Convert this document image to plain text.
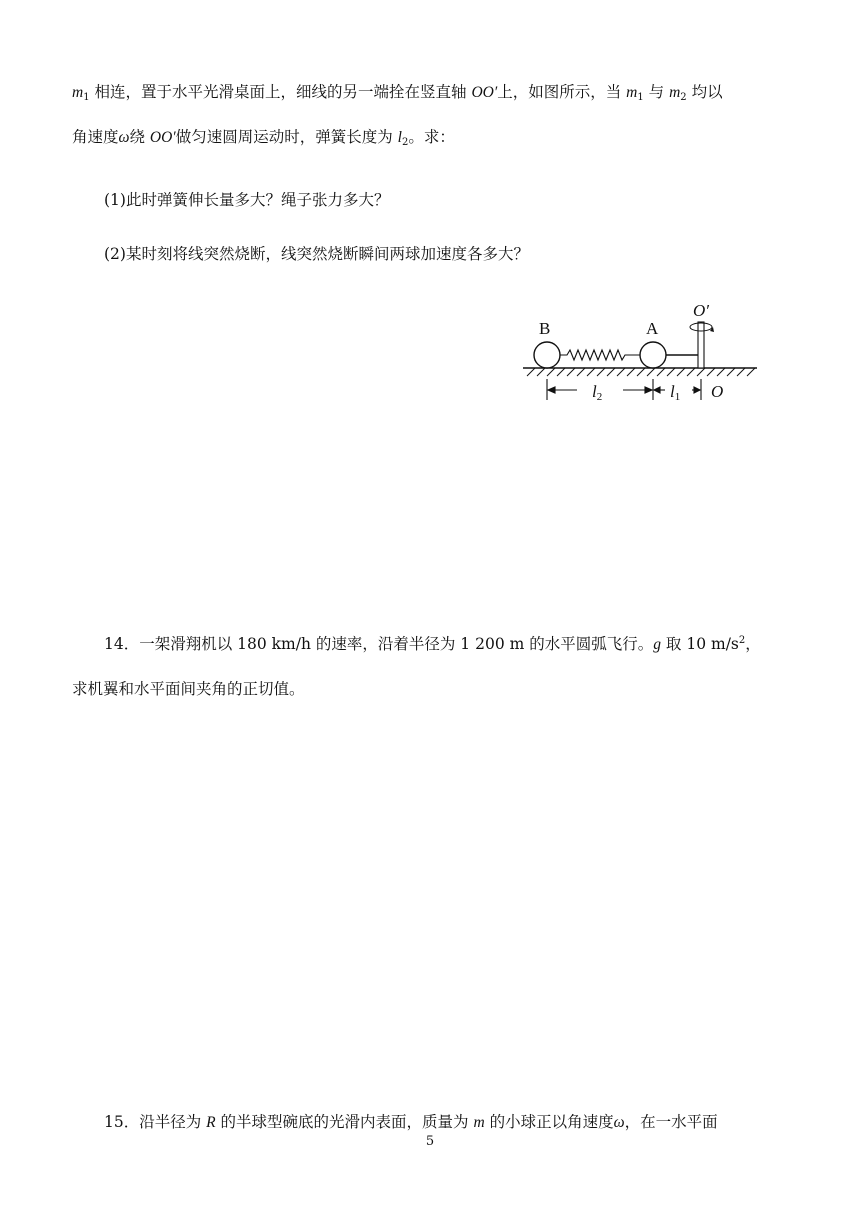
$m_1$ 相连，置于水平光滑桌面上，细线的另一端拴在竖直轴 OO′上，如图所示，当 $m_1$ 与 $m_2$ 均以
角速度ω绕 OO′做匀速圆周运动时，弹簧长度为 $l_2$。求：
(1)此时弹簧伸长量多大？绳子张力多大？
(2)某时刻将线突然烧断，线突然烧断瞬间两球加速度各多大？
B	A
O′
O
l2	l1
14．一架滑翔机以 180 km/h 的速率，沿着半径为 1 200 m 的水平圆弧飞行。g 取 10 $m/s^2$，
求机翼和水平面间夹角的正切值。
15．沿半径为 R 的半球型碗底的光滑内表面，质量为 m 的小球正以角速度ω，在一水平面
5
